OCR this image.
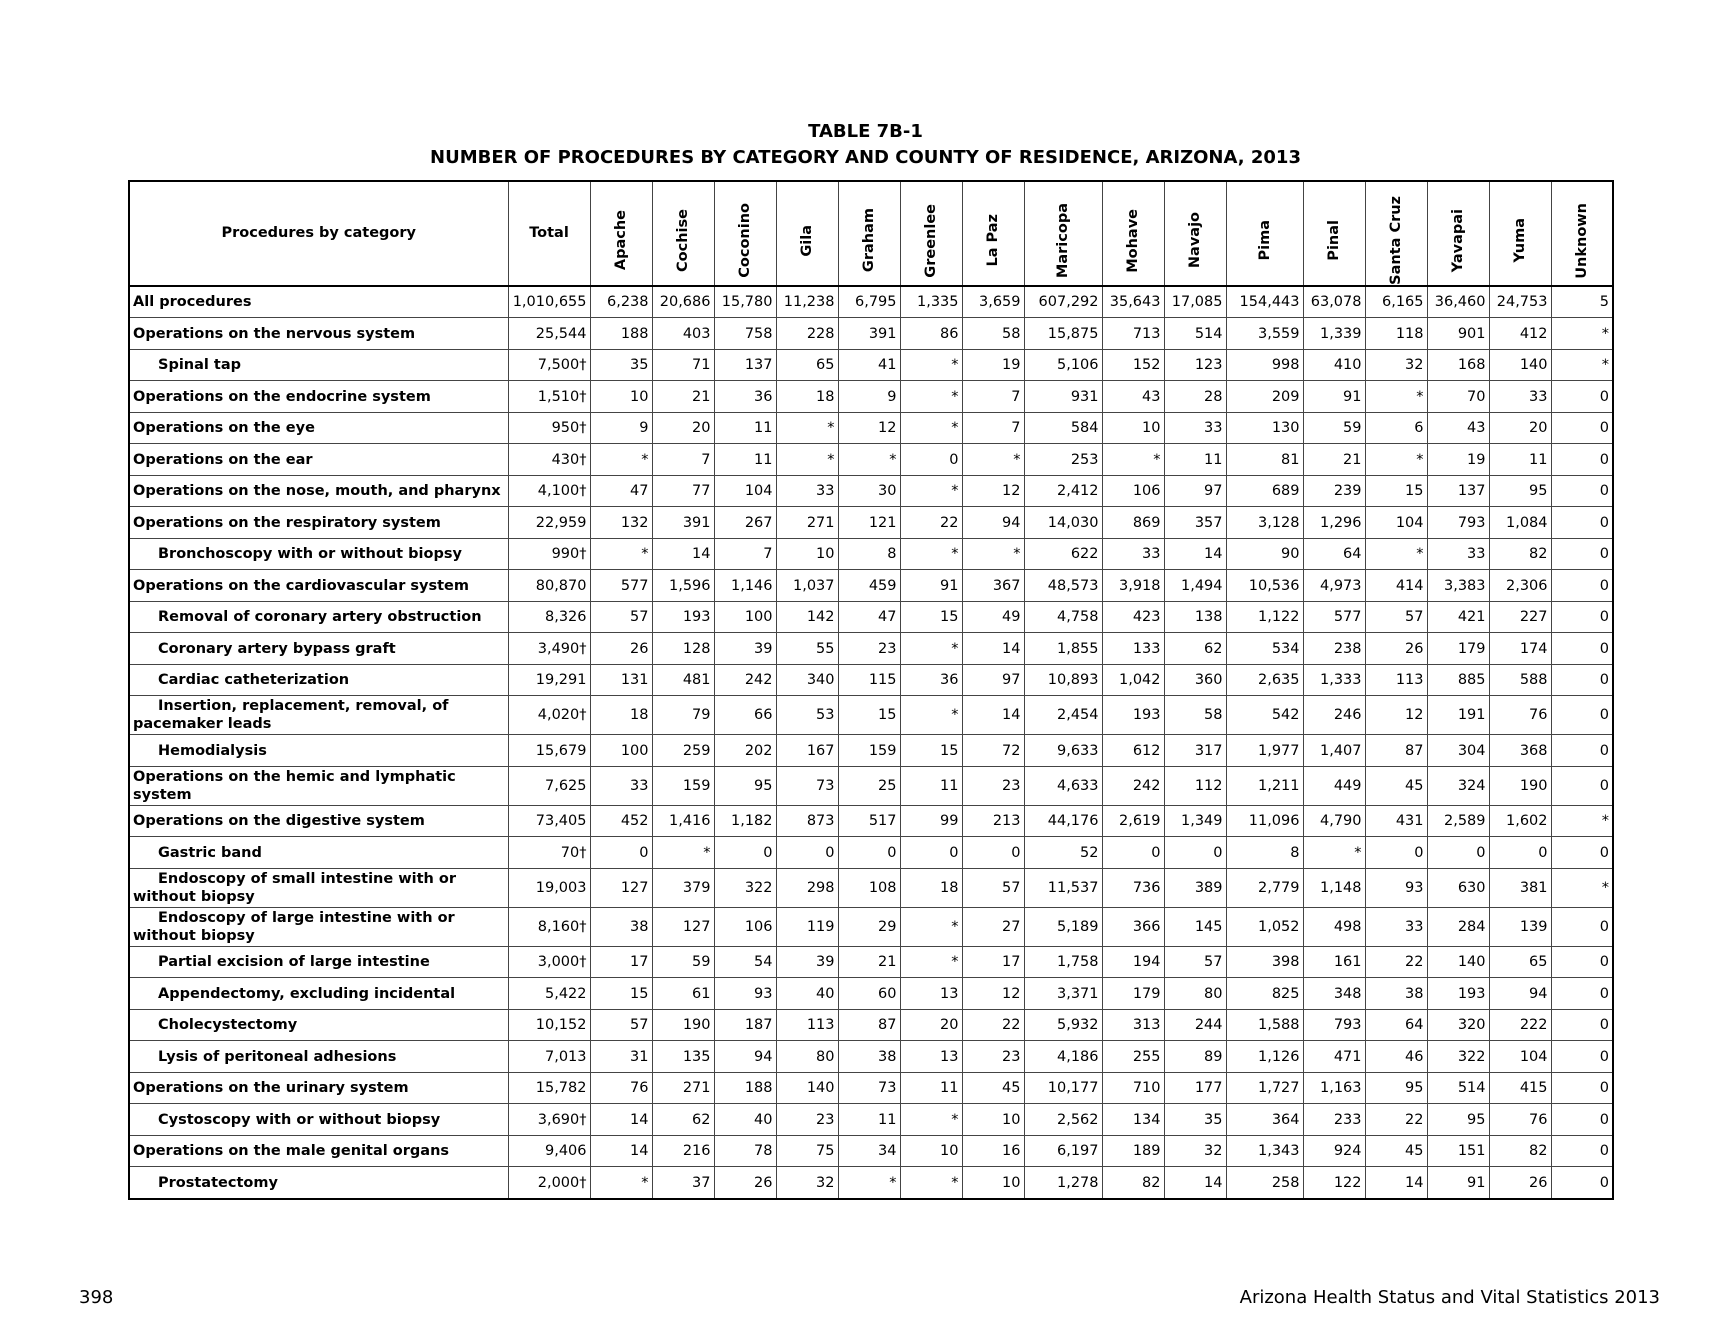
TABLE 7B-1
NUMBER OF PROCEDURES BY CATEGORY AND COUNTY OF RESIDENCE, ARIZONA, 2013
Procedures by category	Total	Apache	Cochise	Coconino	Gila	Graham	Greenlee	La Paz	Maricopa	Mohave	Navajo	Pima	Pinal	Santa Cruz	Yavapai	Yuma	Unknown

All procedures	1,010,655	6,238	20,686	15,780	11,238	6,795	1,335	3,659	607,292	35,643	17,085	154,443	63,078	6,165	36,460	24,753	5
Operations on the nervous system	25,544	188	403	758	228	391	86	58	15,875	713	514	3,559	1,339	118	901	412	*
Spinal tap	7,500†	35	71	137	65	41	*	19	5,106	152	123	998	410	32	168	140	*
Operations on the endocrine system	1,510†	10	21	36	18	9	*	7	931	43	28	209	91	*	70	33	0
Operations on the eye	950†	9	20	11	*	12	*	7	584	10	33	130	59	6	43	20	0
Operations on the ear	430†	*	7	11	*	*	0	*	253	*	11	81	21	*	19	11	0
Operations on the nose, mouth, and pharynx	4,100†	47	77	104	33	30	*	12	2,412	106	97	689	239	15	137	95	0
Operations on the respiratory system	22,959	132	391	267	271	121	22	94	14,030	869	357	3,128	1,296	104	793	1,084	0
Bronchoscopy with or without biopsy	990†	*	14	7	10	8	*	*	622	33	14	90	64	*	33	82	0
Operations on the cardiovascular system	80,870	577	1,596	1,146	1,037	459	91	367	48,573	3,918	1,494	10,536	4,973	414	3,383	2,306	0
Removal of coronary artery obstruction	8,326	57	193	100	142	47	15	49	4,758	423	138	1,122	577	57	421	227	0
Coronary artery bypass graft	3,490†	26	128	39	55	23	*	14	1,855	133	62	534	238	26	179	174	0
Cardiac catheterization	19,291	131	481	242	340	115	36	97	10,893	1,042	360	2,635	1,333	113	885	588	0
Insertion, replacement, removal, of pacemaker leads	4,020†	18	79	66	53	15	*	14	2,454	193	58	542	246	12	191	76	0
Hemodialysis	15,679	100	259	202	167	159	15	72	9,633	612	317	1,977	1,407	87	304	368	0
Operations on the hemic and lymphatic system	7,625	33	159	95	73	25	11	23	4,633	242	112	1,211	449	45	324	190	0
Operations on the digestive system	73,405	452	1,416	1,182	873	517	99	213	44,176	2,619	1,349	11,096	4,790	431	2,589	1,602	*
Gastric band	70†	0	*	0	0	0	0	0	52	0	0	8	*	0	0	0	0
Endoscopy of small intestine with or without biopsy	19,003	127	379	322	298	108	18	57	11,537	736	389	2,779	1,148	93	630	381	*
Endoscopy of large intestine with or without biopsy	8,160†	38	127	106	119	29	*	27	5,189	366	145	1,052	498	33	284	139	0
Partial excision of large intestine	3,000†	17	59	54	39	21	*	17	1,758	194	57	398	161	22	140	65	0
Appendectomy, excluding incidental	5,422	15	61	93	40	60	13	12	3,371	179	80	825	348	38	193	94	0
Cholecystectomy	10,152	57	190	187	113	87	20	22	5,932	313	244	1,588	793	64	320	222	0
Lysis of peritoneal adhesions	7,013	31	135	94	80	38	13	23	4,186	255	89	1,126	471	46	322	104	0
Operations on the urinary system	15,782	76	271	188	140	73	11	45	10,177	710	177	1,727	1,163	95	514	415	0
Cystoscopy with or without biopsy	3,690†	14	62	40	23	11	*	10	2,562	134	35	364	233	22	95	76	0
Operations on the male genital organs	9,406	14	216	78	75	34	10	16	6,197	189	32	1,343	924	45	151	82	0
Prostatectomy	2,000†	*	37	26	32	*	*	10	1,278	82	14	258	122	14	91	26	0
398	Arizona Health Status and Vital Statistics 2013
